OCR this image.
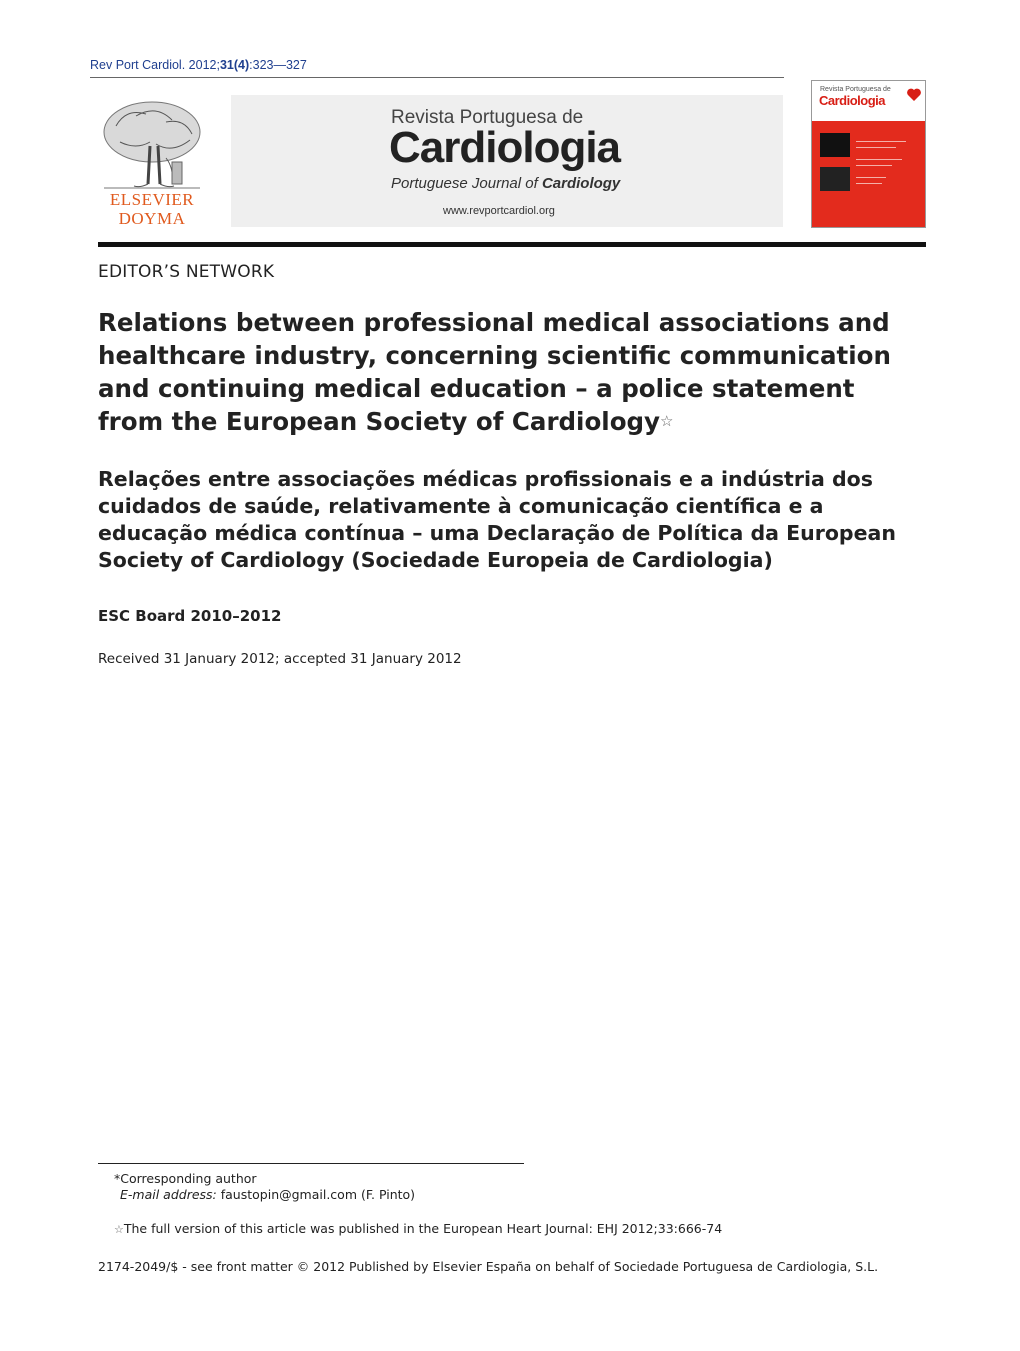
Rev Port Cardiol. 2012;31(4):323—327
ELSEVIER
DOYMA
Revista Portuguesa de
Cardiologia
Portuguese Journal of Cardiology
www.revportcardiol.org
Revista Portuguesa de
Cardiologia
EDITOR’S NETWORK
Relations between professional medical associations and healthcare industry, concerning scientific communication and continuing medical education – a police statement from the European Society of Cardiology☆
Relações entre associações médicas profissionais e a indústria dos cuidados de saúde, relativamente à comunicação científica e a educação médica contínua – uma Declaração de Política da European Society of Cardiology (Sociedade Europeia de Cardiologia)
ESC Board 2010–2012
Received 31 January 2012; accepted 31 January 2012
*Corresponding author
E-mail address: faustopin@gmail.com (F. Pinto)
☆The full version of this article was published in the European Heart Journal: EHJ 2012;33:666-74
2174-2049/$ - see front matter © 2012 Published by Elsevier España on behalf of Sociedade Portuguesa de Cardiologia, S.L.
